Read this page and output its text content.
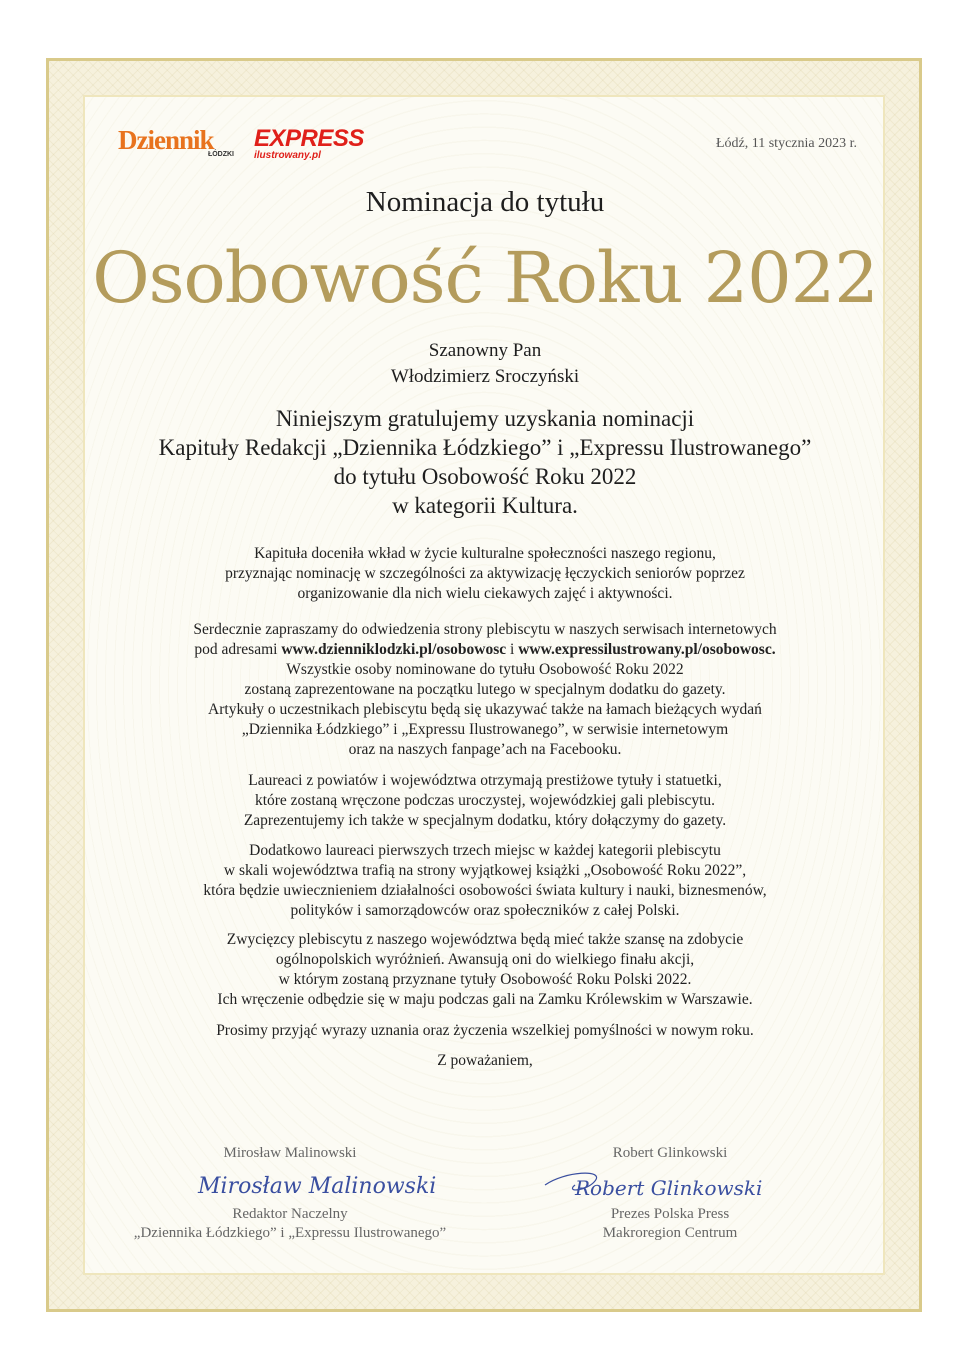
Dziennik
ŁÓDZKI
EXPRESS
ilustrowany.pl
Łódź, 11 stycznia 2023 r.
Nominacja do tytułu
Osobowość Roku 2022
Szanowny Pan
Włodzimierz Sroczyński
Niniejszym gratulujemy uzyskania nominacji
Kapituły Redakcji „Dziennika Łódzkiego” i „Expressu Ilustrowanego”
do tytułu Osobowość Roku 2022
w kategorii Kultura.
Kapituła doceniła wkład w życie kulturalne społeczności naszego regionu,
przyznając nominację w szczególności za aktywizację łęczyckich seniorów poprzez
organizowanie dla nich wielu ciekawych zajęć i aktywności.
Serdecznie zapraszamy do odwiedzenia strony plebiscytu w naszych serwisach internetowych
pod adresami www.dzienniklodzki.pl/osobowosc i www.expressilustrowany.pl/osobowosc.
Wszystkie osoby nominowane do tytułu Osobowość Roku 2022
zostaną zaprezentowane na początku lutego w specjalnym dodatku do gazety.
Artykuły o uczestnikach plebiscytu będą się ukazywać także na łamach bieżących wydań
„Dziennika Łódzkiego” i „Expressu Ilustrowanego”, w serwisie internetowym
oraz na naszych fanpage’ach na Facebooku.
Laureaci z powiatów i województwa otrzymają prestiżowe tytuły i statuetki,
które zostaną wręczone podczas uroczystej, wojewódzkiej gali plebiscytu.
Zaprezentujemy ich także w specjalnym dodatku, który dołączymy do gazety.
Dodatkowo laureaci pierwszych trzech miejsc w każdej kategorii plebiscytu
w skali województwa trafią na strony wyjątkowej książki „Osobowość Roku 2022”,
która będzie uwiecznieniem działalności osobowości świata kultury i nauki, biznesmenów,
polityków i samorządowców oraz społeczników z całej Polski.
Zwycięzcy plebiscytu z naszego województwa będą mieć także szansę na zdobycie
ogólnopolskich wyróżnień. Awansują oni do wielkiego finału akcji,
w którym zostaną przyznane tytuły Osobowość Roku Polski 2022.
Ich wręczenie odbędzie się w maju podczas gali na Zamku Królewskim w Warszawie.
Prosimy przyjąć wyrazy uznania oraz życzenia wszelkiej pomyślności w nowym roku.
Z poważaniem,
Mirosław Malinowski
Mirosław Malinowski
Redaktor Naczelny
„Dziennika Łódzkiego” i „Expressu Ilustrowanego”
Robert Glinkowski
Robert Glinkowski
Prezes Polska Press
Makroregion Centrum
